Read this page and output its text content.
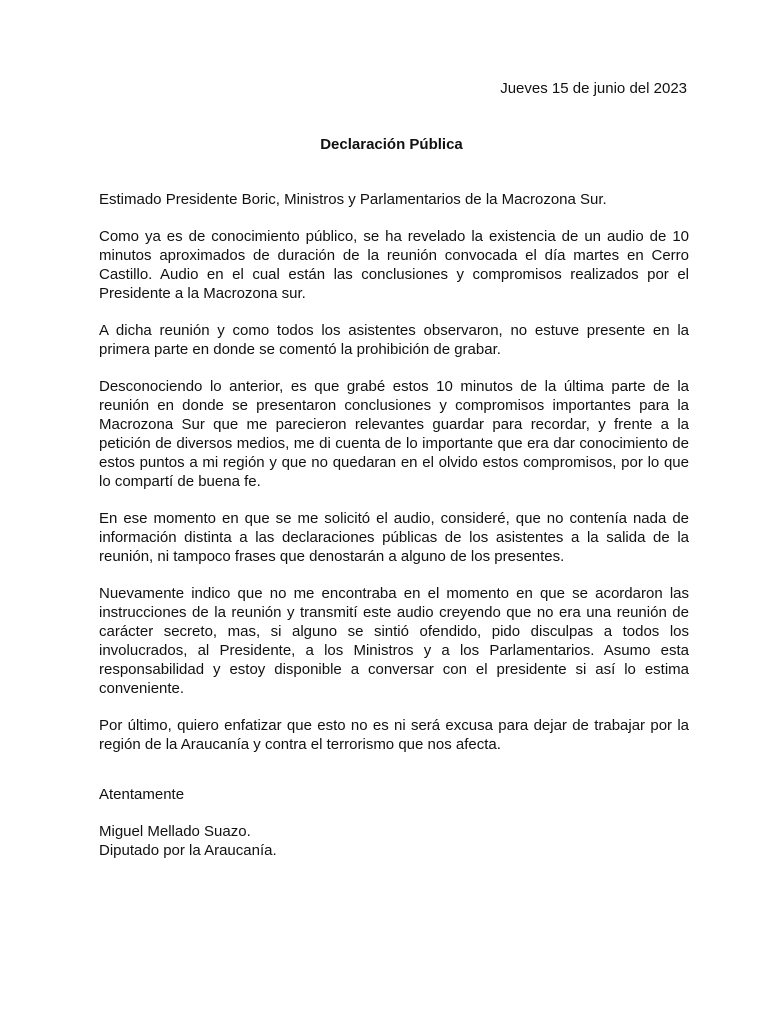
Jueves 15 de junio del 2023
Declaración Pública

Estimado Presidente Boric, Ministros y Parlamentarios de la Macrozona Sur.

Como ya es de conocimiento público, se ha revelado la existencia de un audio de 10 minutos aproximados de duración de la reunión convocada el día martes en Cerro Castillo. Audio en el cual están las conclusiones y compromisos realizados por el Presidente a la Macrozona sur.

A dicha reunión y como todos los asistentes observaron, no estuve presente en la primera parte en donde se comentó la prohibición de grabar.

Desconociendo lo anterior, es que grabé estos 10 minutos de la última parte de la reunión en donde se presentaron conclusiones y compromisos importantes para la Macrozona Sur que me parecieron relevantes guardar para recordar, y frente a la petición de diversos medios, me di cuenta de lo importante que era dar conocimiento de estos puntos a mi región y que no quedaran en el olvido estos compromisos, por lo que lo compartí de buena fe.

En ese momento en que se me solicitó el audio, consideré, que no contenía nada de información distinta a las declaraciones públicas de los asistentes a la salida de la reunión, ni tampoco frases que denostarán a alguno de los presentes.

Nuevamente indico que no me encontraba en el momento en que se acordaron las instrucciones de la reunión y transmití este audio creyendo que no era una reunión de carácter secreto, mas, si alguno se sintió ofendido, pido disculpas a todos los involucrados, al Presidente, a los Ministros y a los Parlamentarios. Asumo esta responsabilidad y estoy disponible a conversar con el presidente si así lo estima conveniente.

Por último, quiero enfatizar que esto no es ni será excusa para dejar de trabajar por la región de la Araucanía y contra el terrorismo que nos afecta.

Atentamente

Miguel Mellado Suazo.
Diputado por la Araucanía.
